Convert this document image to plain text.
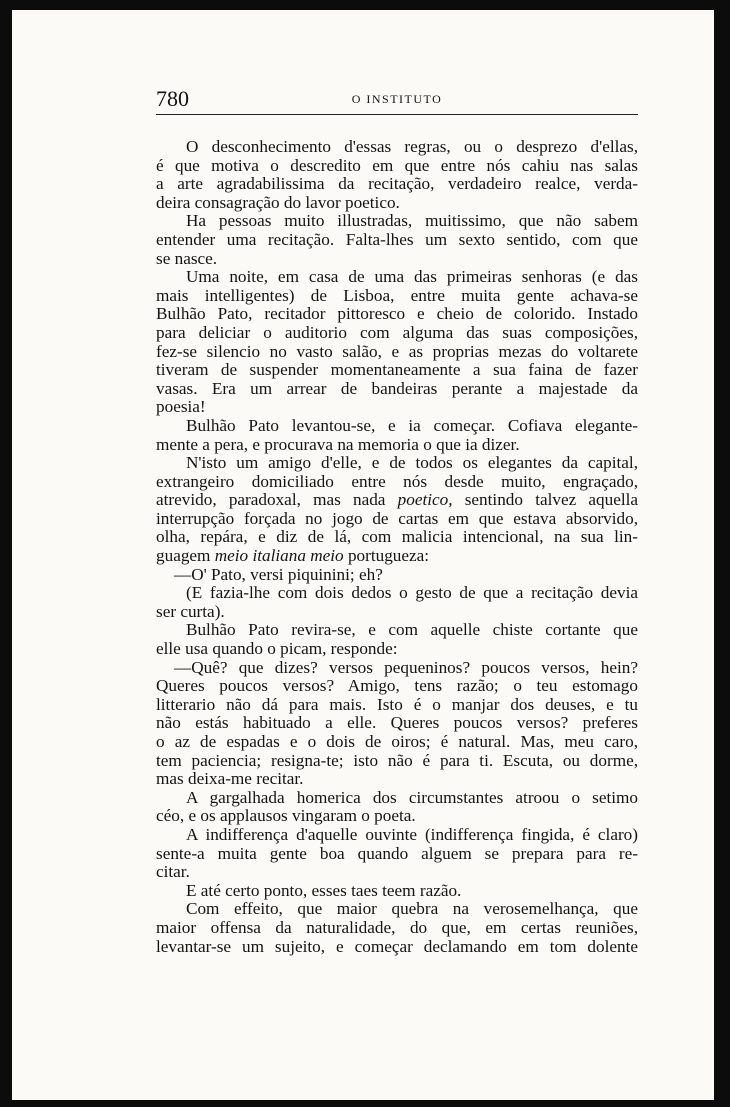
780	O INSTITUTO
O desconhecimento d'essas regras, ou o desprezo d'ellas,
é que motiva o descredito em que entre nós cahiu nas salas
a arte agradabilissima da recitação, verdadeiro realce, verda-
deira consagração do lavor poetico.
Ha pessoas muito illustradas, muitissimo, que não sabem
entender uma recitação. Falta-lhes um sexto sentido, com que
se nasce.
Uma noite, em casa de uma das primeiras senhoras (e das
mais intelligentes) de Lisboa, entre muita gente achava-se
Bulhão Pato, recitador pittoresco e cheio de colorido. Instado
para deliciar o auditorio com alguma das suas composições,
fez-se silencio no vasto salão, e as proprias mezas do voltarete
tiveram de suspender momentaneamente a sua faina de fazer
vasas. Era um arrear de bandeiras perante a majestade da
poesia!
Bulhão Pato levantou-se, e ia começar. Cofiava elegante-
mente a pera, e procurava na memoria o que ia dizer.
N'isto um amigo d'elle, e de todos os elegantes da capital,
extrangeiro domiciliado entre nós desde muito, engraçado,
atrevido, paradoxal, mas nada poetico, sentindo talvez aquella
interrupção forçada no jogo de cartas em que estava absorvido,
olha, repára, e diz de lá, com malicia intencional, na sua lin-
guagem meio italiana meio portugueza:
—O' Pato, versi piquinini; eh?
(E fazia-lhe com dois dedos o gesto de que a recitação devia
ser curta).
Bulhão Pato revira-se, e com aquelle chiste cortante que
elle usa quando o picam, responde:
—Quê? que dizes? versos pequeninos? poucos versos, hein?
Queres poucos versos? Amigo, tens razão; o teu estomago
litterario não dá para mais. Isto é o manjar dos deuses, e tu
não estás habituado a elle. Queres poucos versos? preferes
o az de espadas e o dois de oiros; é natural. Mas, meu caro,
tem paciencia; resigna-te; isto não é para ti. Escuta, ou dorme,
mas deixa-me recitar.
A gargalhada homerica dos circumstantes atroou o setimo
céo, e os applausos vingaram o poeta.
A indifferença d'aquelle ouvinte (indifferença fingida, é claro)
sente-a muita gente boa quando alguem se prepara para re-
citar.
E até certo ponto, esses taes teem razão.
Com effeito, que maior quebra na verosemelhança, que
maior offensa da naturalidade, do que, em certas reuniões,
levantar-se um sujeito, e começar declamando em tom dolente
